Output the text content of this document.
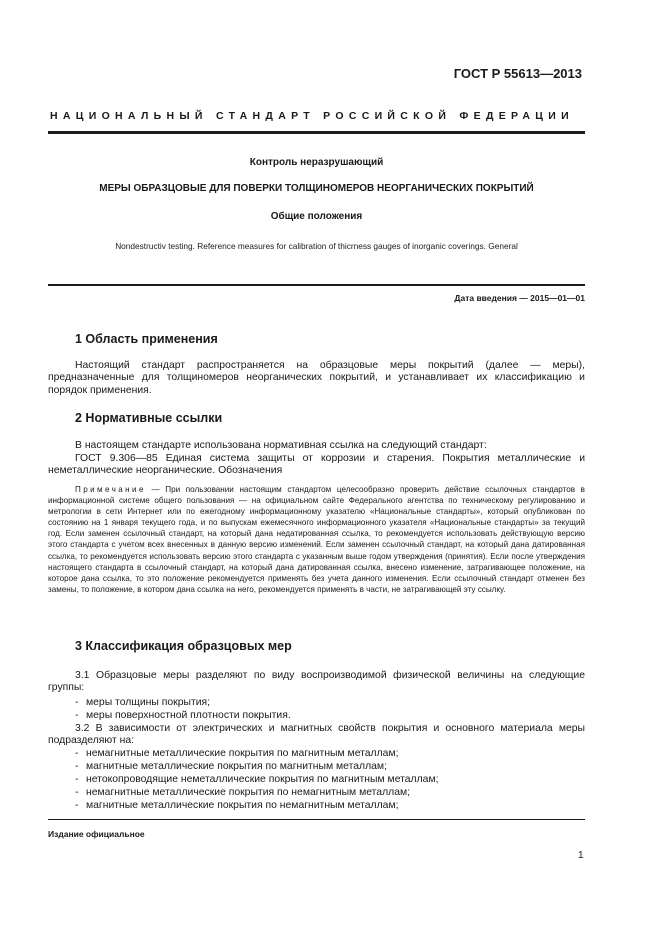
ГОСТ Р 55613—2013
НАЦИОНАЛЬНЫЙ СТАНДАРТ РОССИЙСКОЙ ФЕДЕРАЦИИ
Контроль неразрушающий
МЕРЫ ОБРАЗЦОВЫЕ ДЛЯ ПОВЕРКИ ТОЛЩИНОМЕРОВ НЕОРГАНИЧЕСКИХ ПОКРЫТИЙ
Общие положения
Nondestructiv testing. Reference measures for calibration of thicrness gauges of inorganic coverings. General
Дата введения — 2015—01—01
1 Область применения
Настоящий стандарт распространяется на образцовые меры покрытий (далее — меры), предназначенные для толщиномеров неорганических покрытий, и устанавливает их классификацию и порядок применения.
2 Нормативные ссылки
В настоящем стандарте использована нормативная ссылка на следующий стандарт:
ГОСТ 9.306—85 Единая система защиты от коррозии и старения. Покрытия металлические и неметаллические неорганические. Обозначения
Примечание — При пользовании настоящим стандартом целесообразно проверить действие ссылочных стандартов в информационной системе общего пользования — на официальном сайте Федерального агентства по техническому регулированию и метрологии в сети Интернет или по ежегодному информационному указателю «Национальные стандарты», который опубликован по состоянию на 1 января текущего года, и по выпускам ежемесячного информационного указателя «Национальные стандарты» за текущий год. Если заменен ссылочный стандарт, на который дана недатированная ссылка, то рекомендуется использовать действующую версию этого стандарта с учетом всех внесенных в данную версию изменений. Если заменен ссылочный стандарт, на который дана датированная ссылка, то рекомендуется использовать версию этого стандарта с указанным выше годом утверждения (принятия). Если после утверждения настоящего стандарта в ссылочный стандарт, на который дана датированная ссылка, внесено изменение, затрагивающее положение, на которое дана ссылка, то это положение рекомендуется применять без учета данного изменения. Если ссылочный стандарт отменен без замены, то положение, в котором дана ссылка на него, рекомендуется применять в части, не затрагивающей эту ссылку.
3 Классификация образцовых мер
3.1 Образцовые меры разделяют по виду воспроизводимой физической величины на следующие группы:
- меры толщины покрытия;
- меры поверхностной плотности покрытия.
3.2 В зависимости от электрических и магнитных свойств покрытия и основного материала меры подразделяют на:
- немагнитные металлические покрытия по магнитным металлам;
- магнитные металлические покрытия по магнитным металлам;
- нетокопроводящие неметаллические покрытия по магнитным металлам;
- немагнитные металлические покрытия по немагнитным металлам;
- магнитные металлические покрытия по немагнитным металлам;
Издание официальное
1
